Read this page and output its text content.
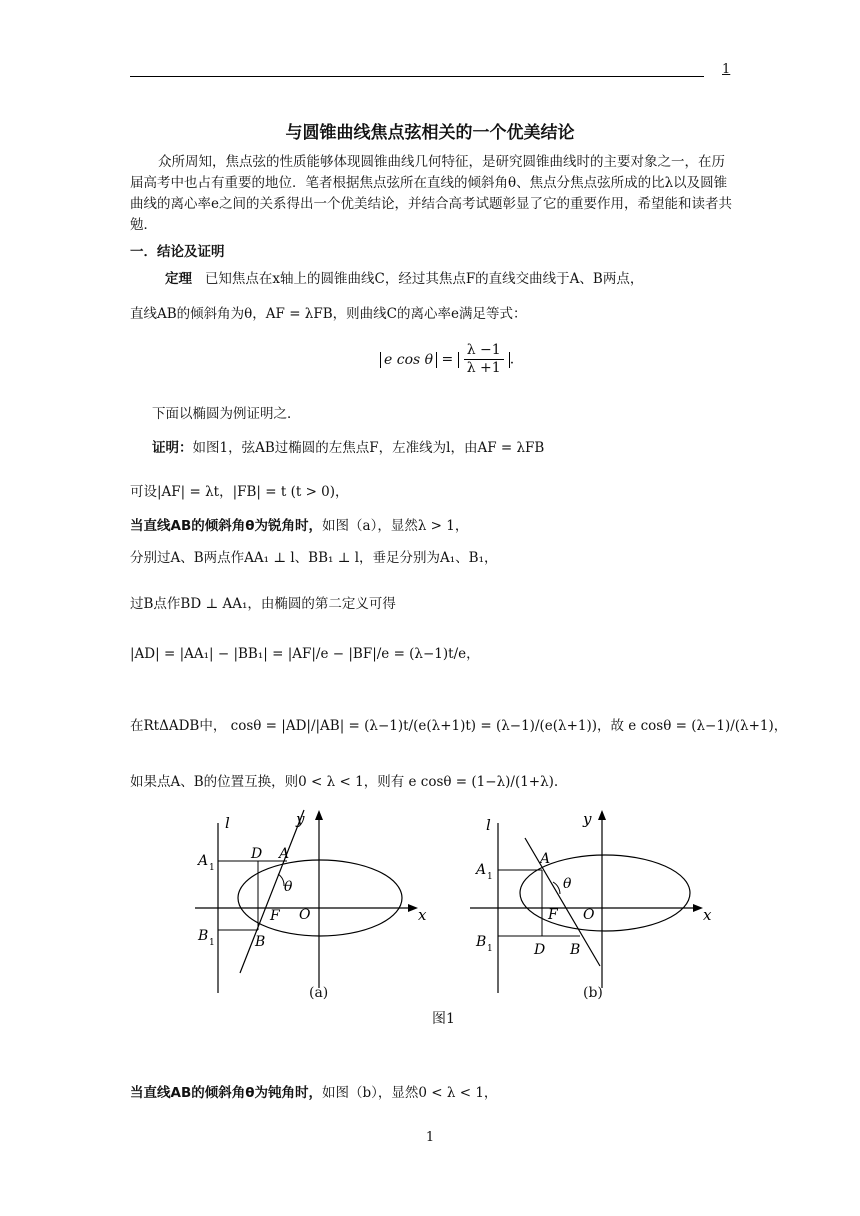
1
与圆锥曲线焦点弦相关的一个优美结论
众所周知，焦点弦的性质能够体现圆锥曲线几何特征，是研究圆锥曲线时的主要对象之一，在历届高考中也占有重要的地位．笔者根据焦点弦所在直线的倾斜角θ、焦点分焦点弦所成的比λ以及圆锥曲线的离心率e之间的关系得出一个优美结论，并结合高考试题彰显了它的重要作用，希望能和读者共勉．
一．结论及证明
定理 已知焦点在x轴上的圆锥曲线C，经过其焦点F的直线交曲线于A、B两点，
直线AB的倾斜角为θ，AF = λFB，则曲线C的离心率e满足等式：
e $\cos \theta = \frac{\lambda -1}{\lambda +1}$ .
下面以椭圆为例证明之．
证明：如图1，弦AB过椭圆的左焦点F，左准线为l，由AF = λFB
可设|AF| = λt，|FB| = t (t > 0)，
当直线AB的倾斜角θ为锐角时，如图（a），显然λ > 1，
分别过A、B两点作AA₁ ⊥ l、BB₁ ⊥ l，垂足分别为A₁、B₁，
过B点作BD ⊥ AA₁，由椭圆的第二定义可得
|AD| = |AA₁| − |BB₁| = |AF|/e − |BF|/e = (λ−1)t/e，
在RtΔADB中， cosθ = |AD|/|AB| = (λ−1)t/(e(λ+1)t) = (λ−1)/(e(λ+1))，故 e cosθ = (λ−1)/(λ+1)，
如果点A、B的位置互换，则0 < λ < 1，则有 e cosθ = (1−λ)/(1+λ).
l	y
x
O
F
A
B
D
A 1
B 1
θ
(a)
l	y
x
O
F
A
B
D
A 1
B 1
θ
(b)
图1
当直线AB的倾斜角θ为钝角时，如图（b），显然0 < λ < 1，
1
